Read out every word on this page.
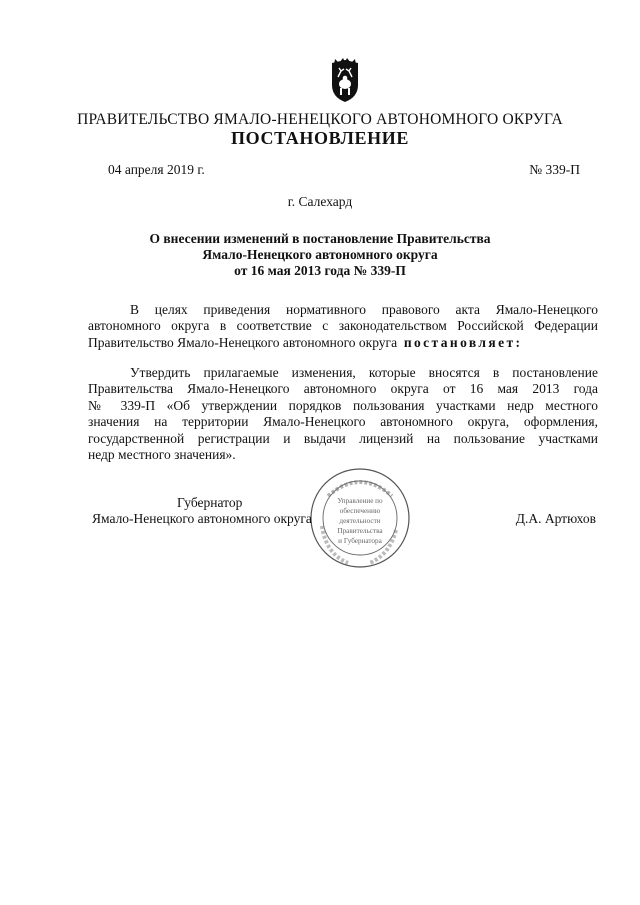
ПРАВИТЕЛЬСТВО ЯМАЛО-НЕНЕЦКОГО АВТОНОМНОГО ОКРУГА
ПОСТАНОВЛЕНИЕ
04 апреля 2019 г.	№ 339-П
г. Салехард
О внесении изменений в постановление Правительства
Ямало-Ненецкого автономного округа
от 16 мая 2013 года № 339-П
В целях приведения нормативного правового акта Ямало-Ненецкого
автономного округа в соответствие с законодательством Российской Федерации
Правительство Ямало-Ненецкого автономного округа постановляет:
Утвердить прилагаемые изменения, которые вносятся в постановление
Правительства Ямало-Ненецкого автономного округа от 16 мая 2013 года
№ 339-П «Об утверждении порядков пользования участками недр местного
значения на территории Ямало-Ненецкого автономного округа, оформления,
государственной регистрации и выдачи лицензий на пользование участками
недр местного значения».
Управление по
обеспечению
деятельности
Правительства
и Губернатора
Губернатор
Ямало-Ненецкого автономного округа	Д.А. Артюхов
